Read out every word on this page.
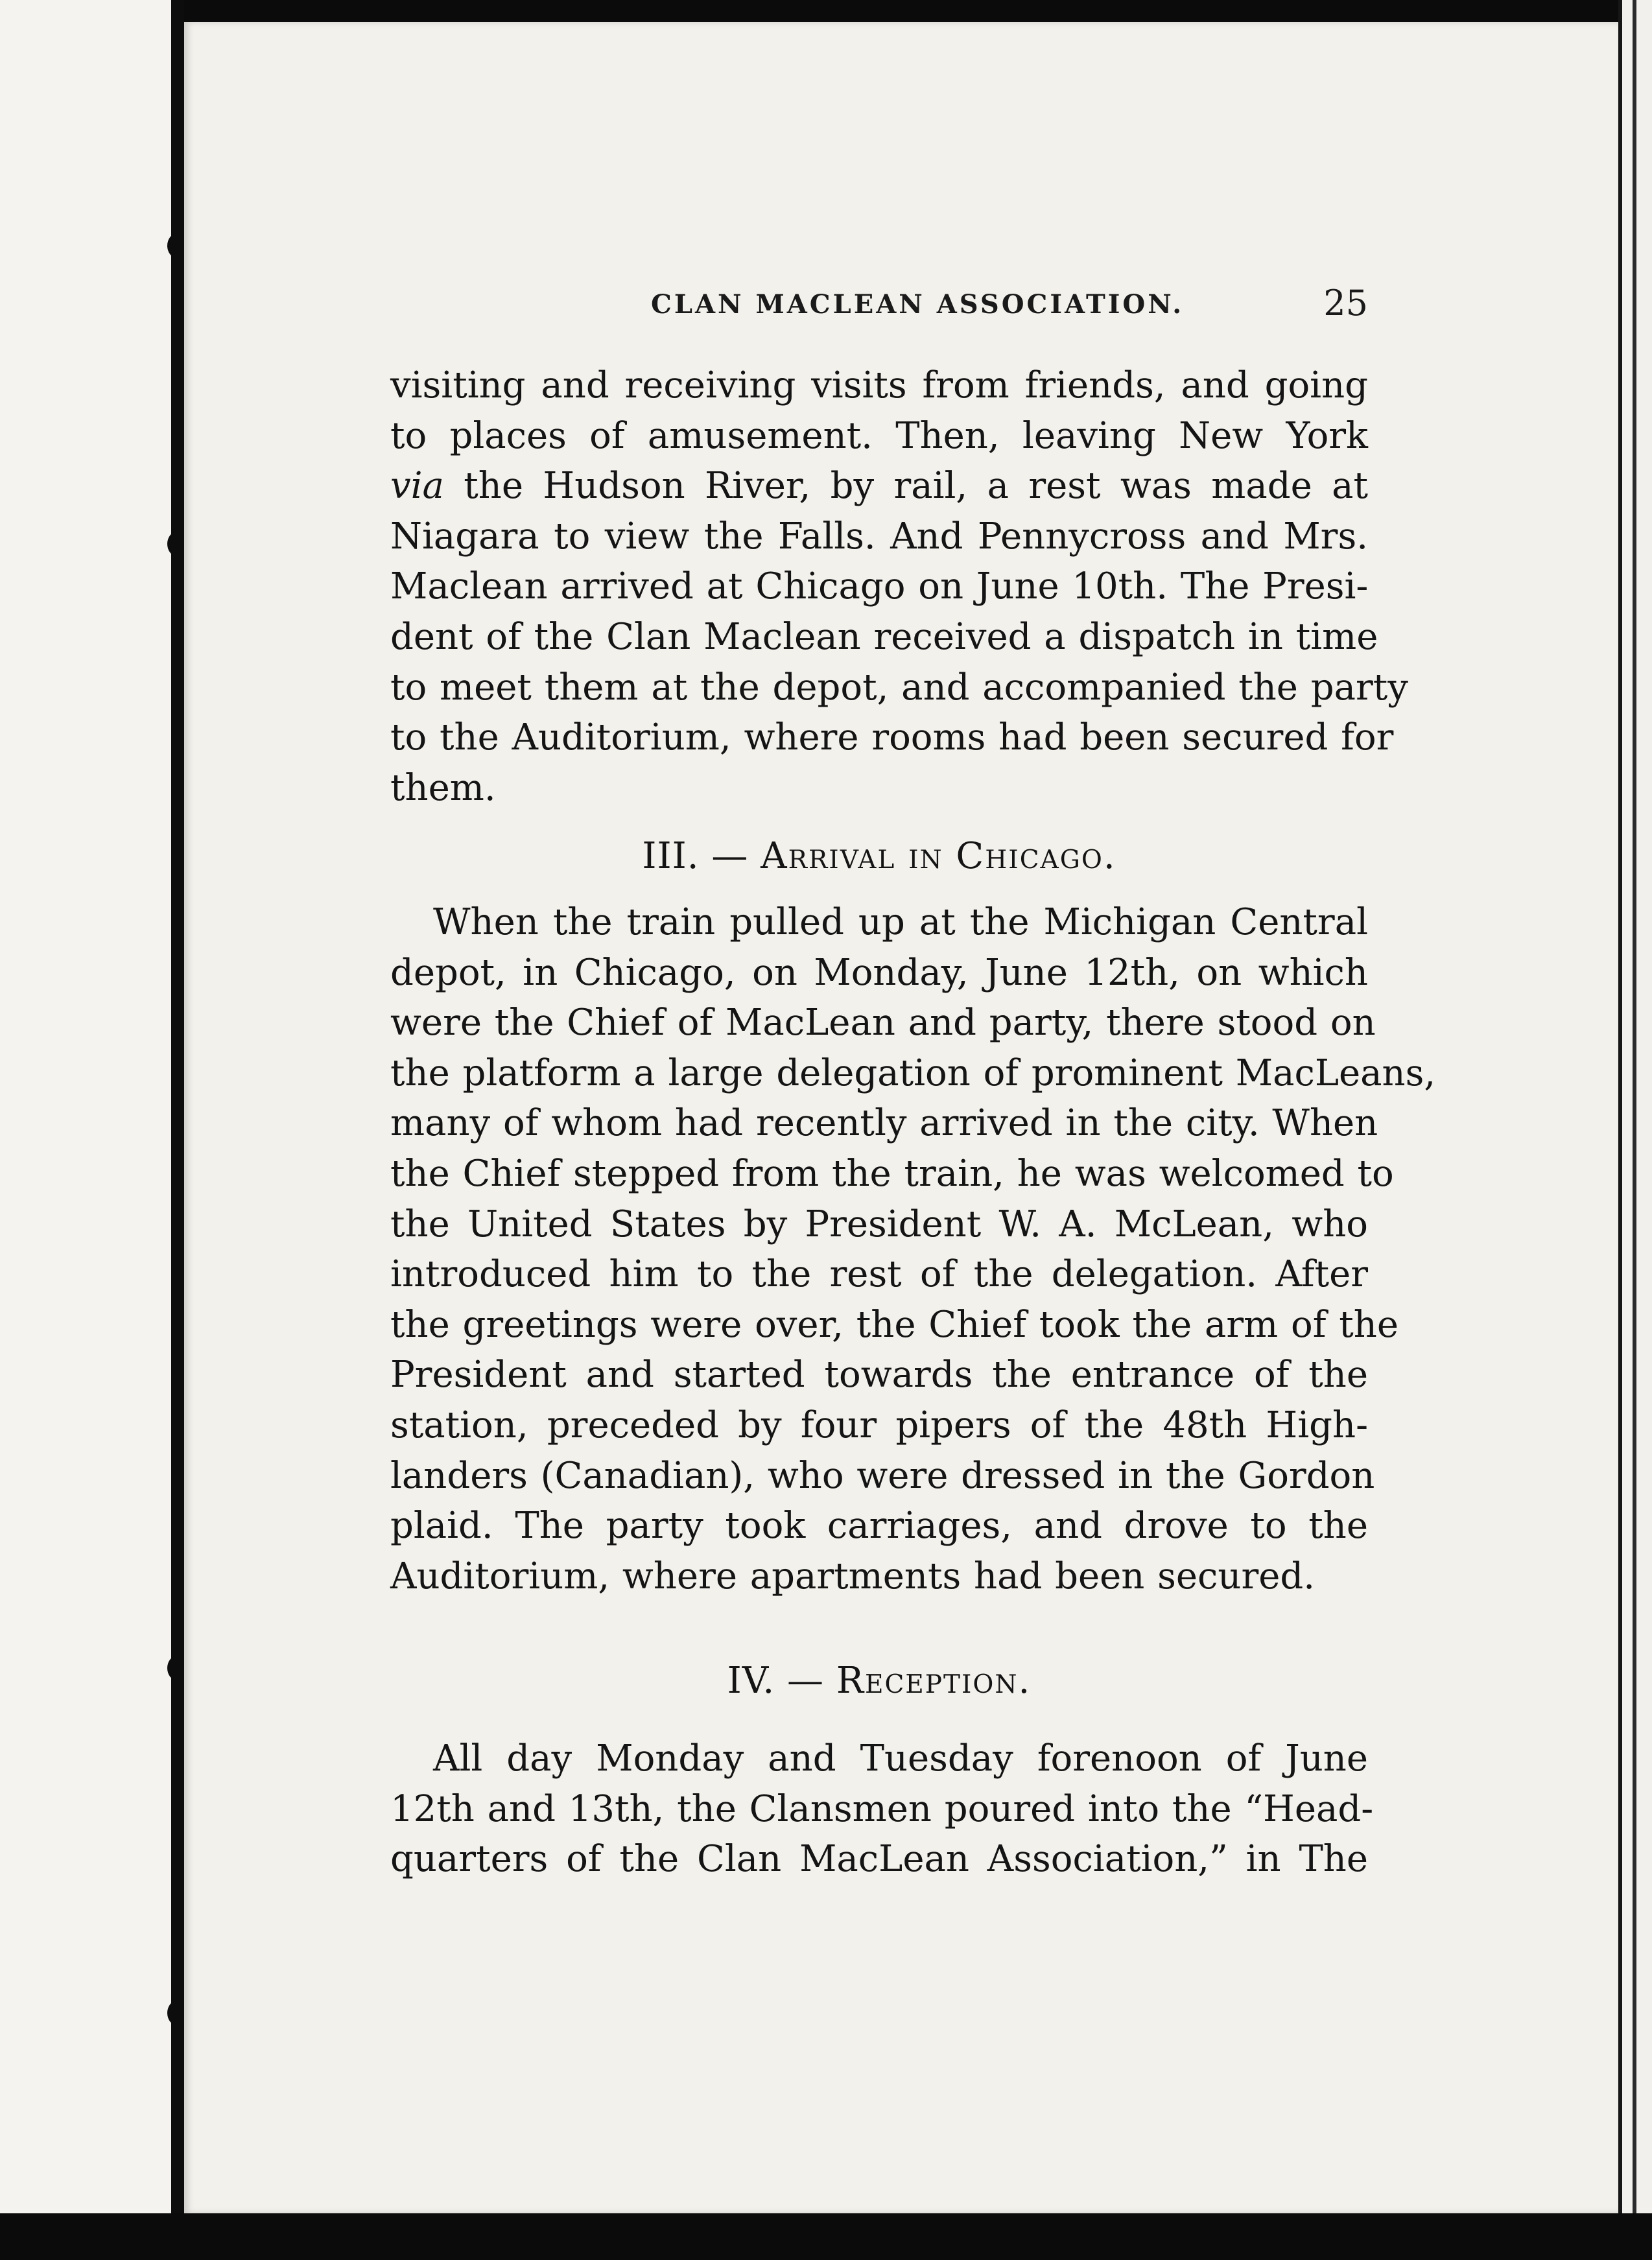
CLAN MACLEAN ASSOCIATION.	25

visiting and receiving visits from friends, and going
to places of amusement. Then, leaving New York
via the Hudson River, by rail, a rest was made at
Niagara to view the Falls. And Pennycross and Mrs.
Maclean arrived at Chicago on June 10th. The Presi-
dent of the Clan Maclean received a dispatch in time
to meet them at the depot, and accompanied the party
to the Auditorium, where rooms had been secured for
them.

III. — Arrival in Chicago.

When the train pulled up at the Michigan Central
depot, in Chicago, on Monday, June 12th, on which
were the Chief of MacLean and party, there stood on
the platform a large delegation of prominent MacLeans,
many of whom had recently arrived in the city. When
the Chief stepped from the train, he was welcomed to
the United States by President W. A. McLean, who
introduced him to the rest of the delegation. After
the greetings were over, the Chief took the arm of the
President and started towards the entrance of the
station, preceded by four pipers of the 48th High-
landers (Canadian), who were dressed in the Gordon
plaid. The party took carriages, and drove to the
Auditorium, where apartments had been secured.

IV. — Reception.

All day Monday and Tuesday forenoon of June
12th and 13th, the Clansmen poured into the “Head-
quarters of the Clan MacLean Association,” in The
